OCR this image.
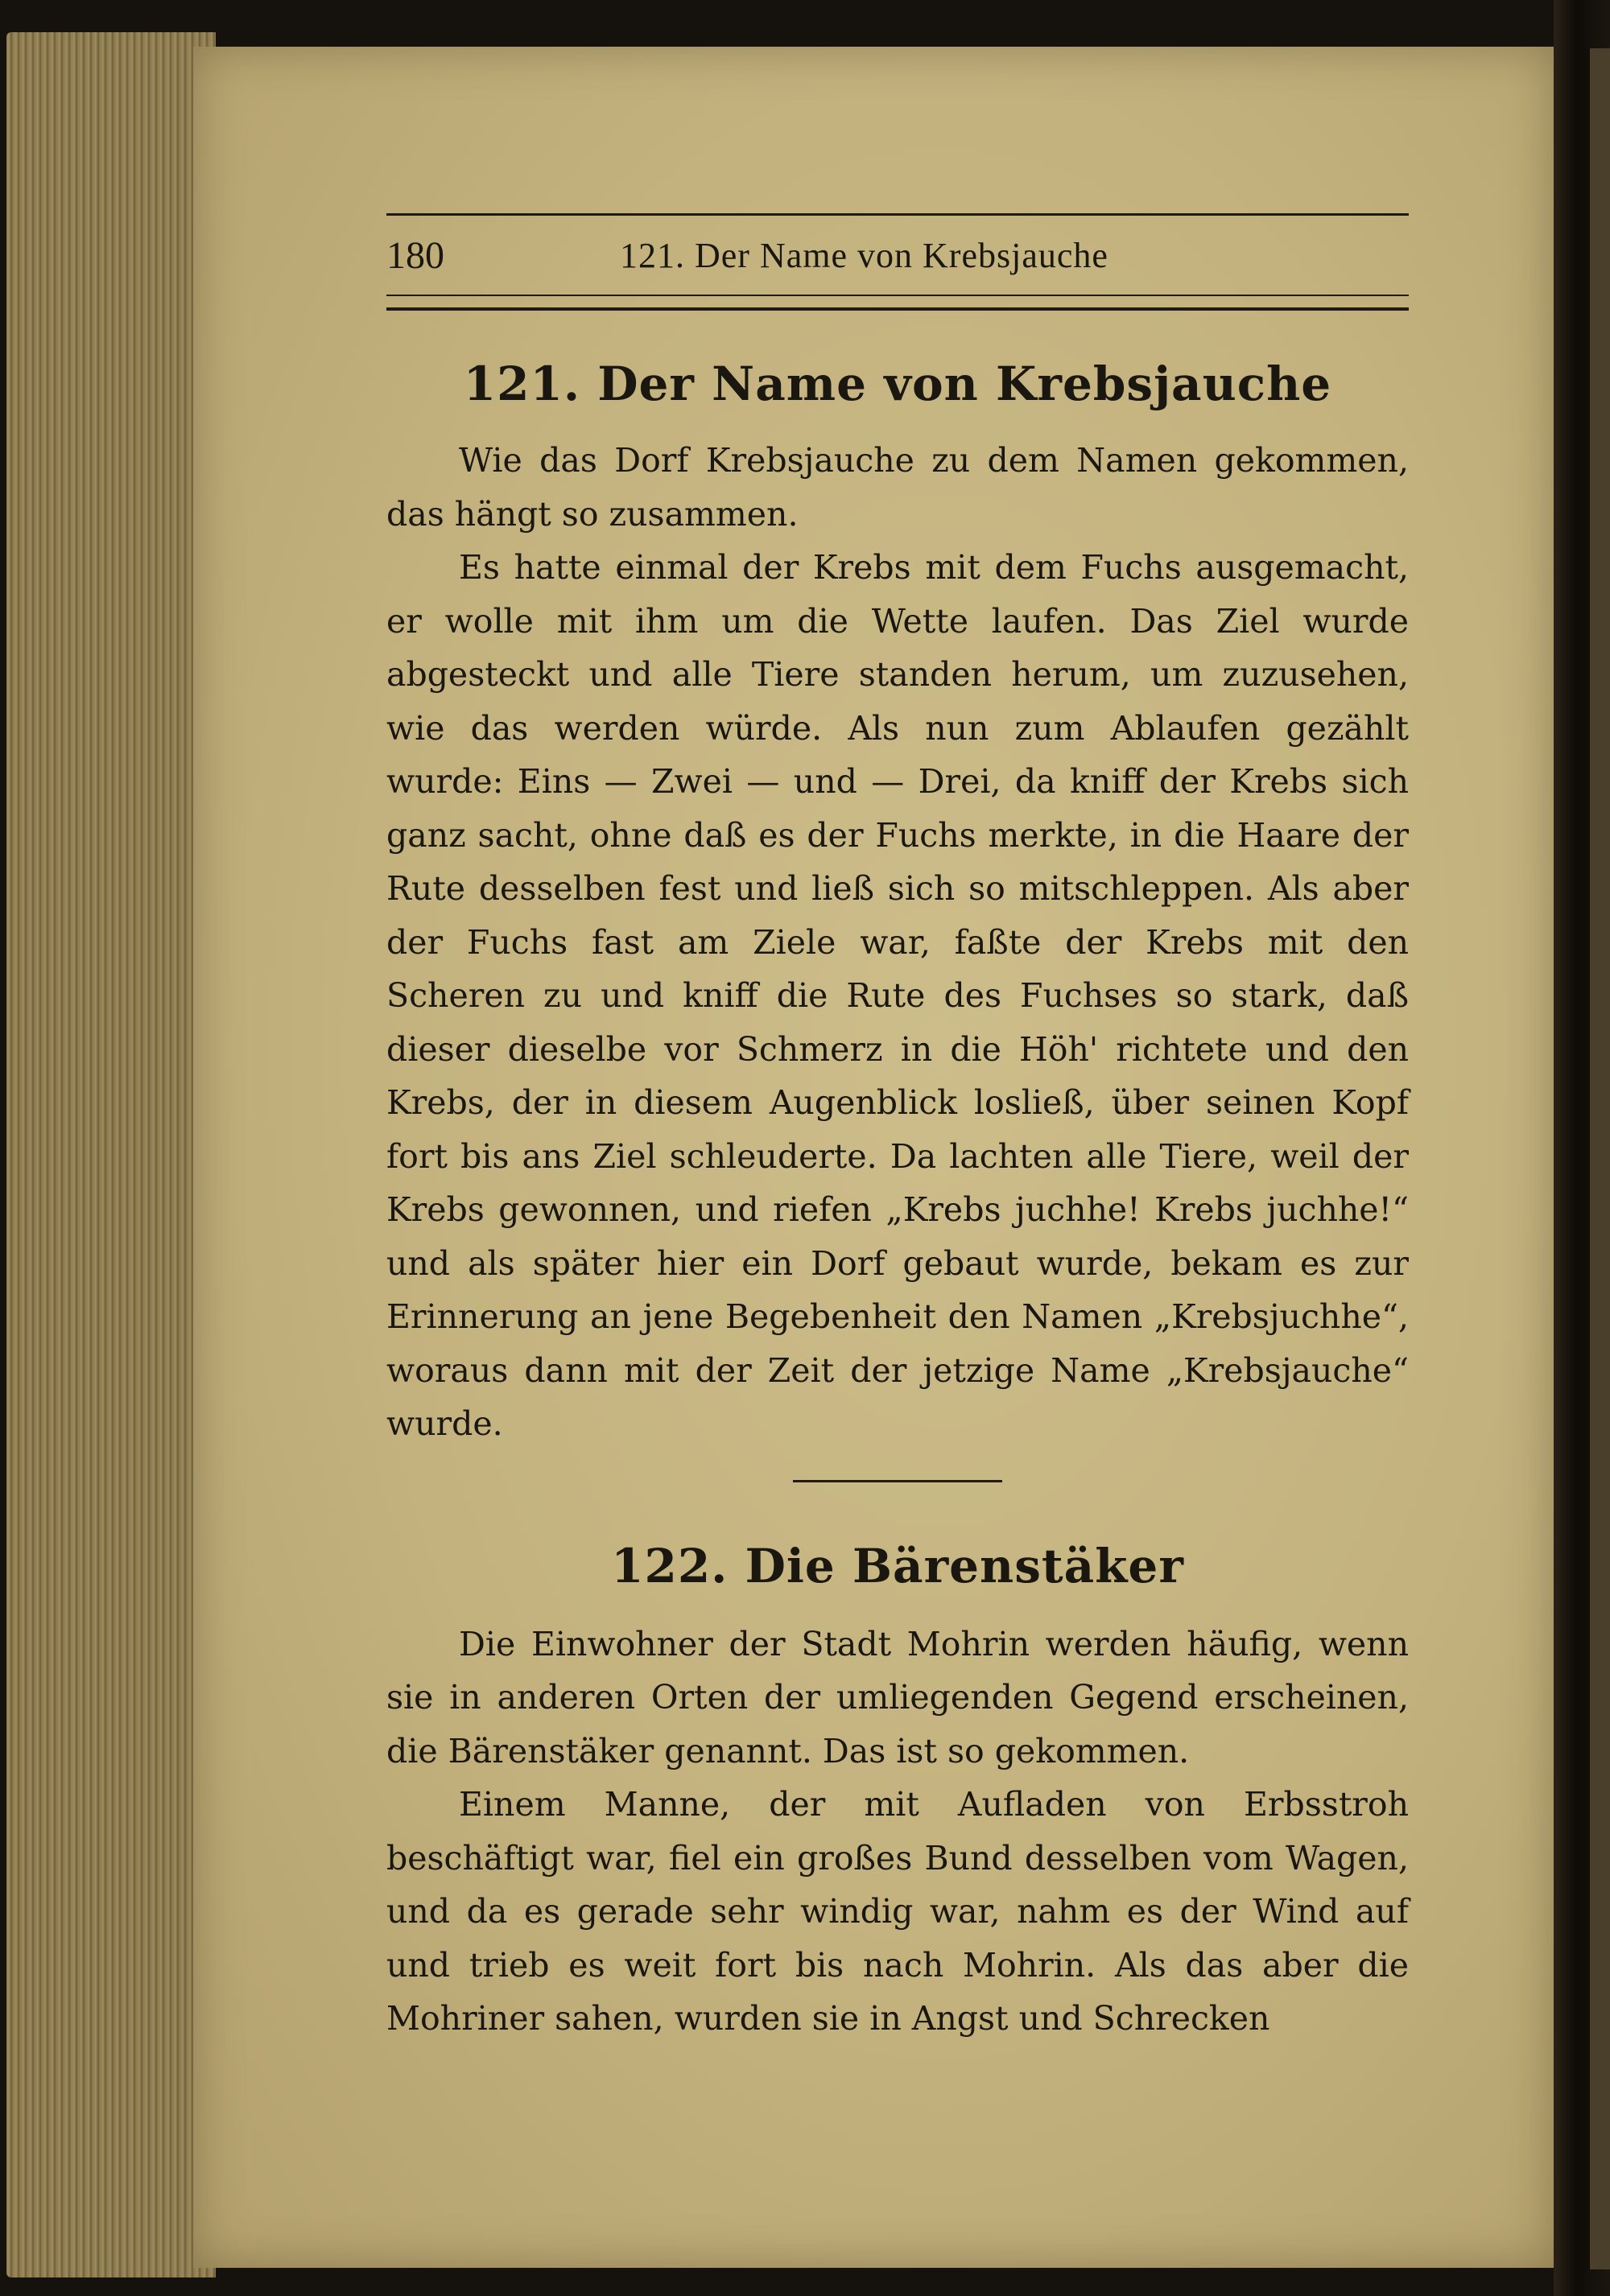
180	121. Der Name von Krebsjauche
121. Der Name von Krebsjauche

Wie das Dorf Krebsjauche zu dem Namen gekommen, das hängt so zusammen.

Es hatte einmal der Krebs mit dem Fuchs ausgemacht, er wolle mit ihm um die Wette laufen. Das Ziel wurde abgesteckt und alle Tiere standen herum, um zuzusehen, wie das werden würde. Als nun zum Ablaufen gezählt wurde: Eins — Zwei — und — Drei, da kniff der Krebs sich ganz sacht, ohne daß es der Fuchs merkte, in die Haare der Rute desselben fest und ließ sich so mitschleppen. Als aber der Fuchs fast am Ziele war, faßte der Krebs mit den Scheren zu und kniff die Rute des Fuchses so stark, daß dieser dieselbe vor Schmerz in die Höh' richtete und den Krebs, der in diesem Augenblick losließ, über seinen Kopf fort bis ans Ziel schleuderte. Da lachten alle Tiere, weil der Krebs gewonnen, und riefen „Krebs juchhe! Krebs juchhe!“ und als später hier ein Dorf gebaut wurde, bekam es zur Erinnerung an jene Begebenheit den Namen „Krebsjuchhe“, woraus dann mit der Zeit der jetzige Name „Krebsjauche“ wurde.

122. Die Bärenstäker

Die Einwohner der Stadt Mohrin werden häufig, wenn sie in anderen Orten der umliegenden Gegend erscheinen, die Bärenstäker genannt. Das ist so gekommen.

Einem Manne, der mit Aufladen von Erbsstroh beschäftigt war, fiel ein großes Bund desselben vom Wagen, und da es gerade sehr windig war, nahm es der Wind auf und trieb es weit fort bis nach Mohrin. Als das aber die Mohriner sahen, wurden sie in Angst und Schrecken
